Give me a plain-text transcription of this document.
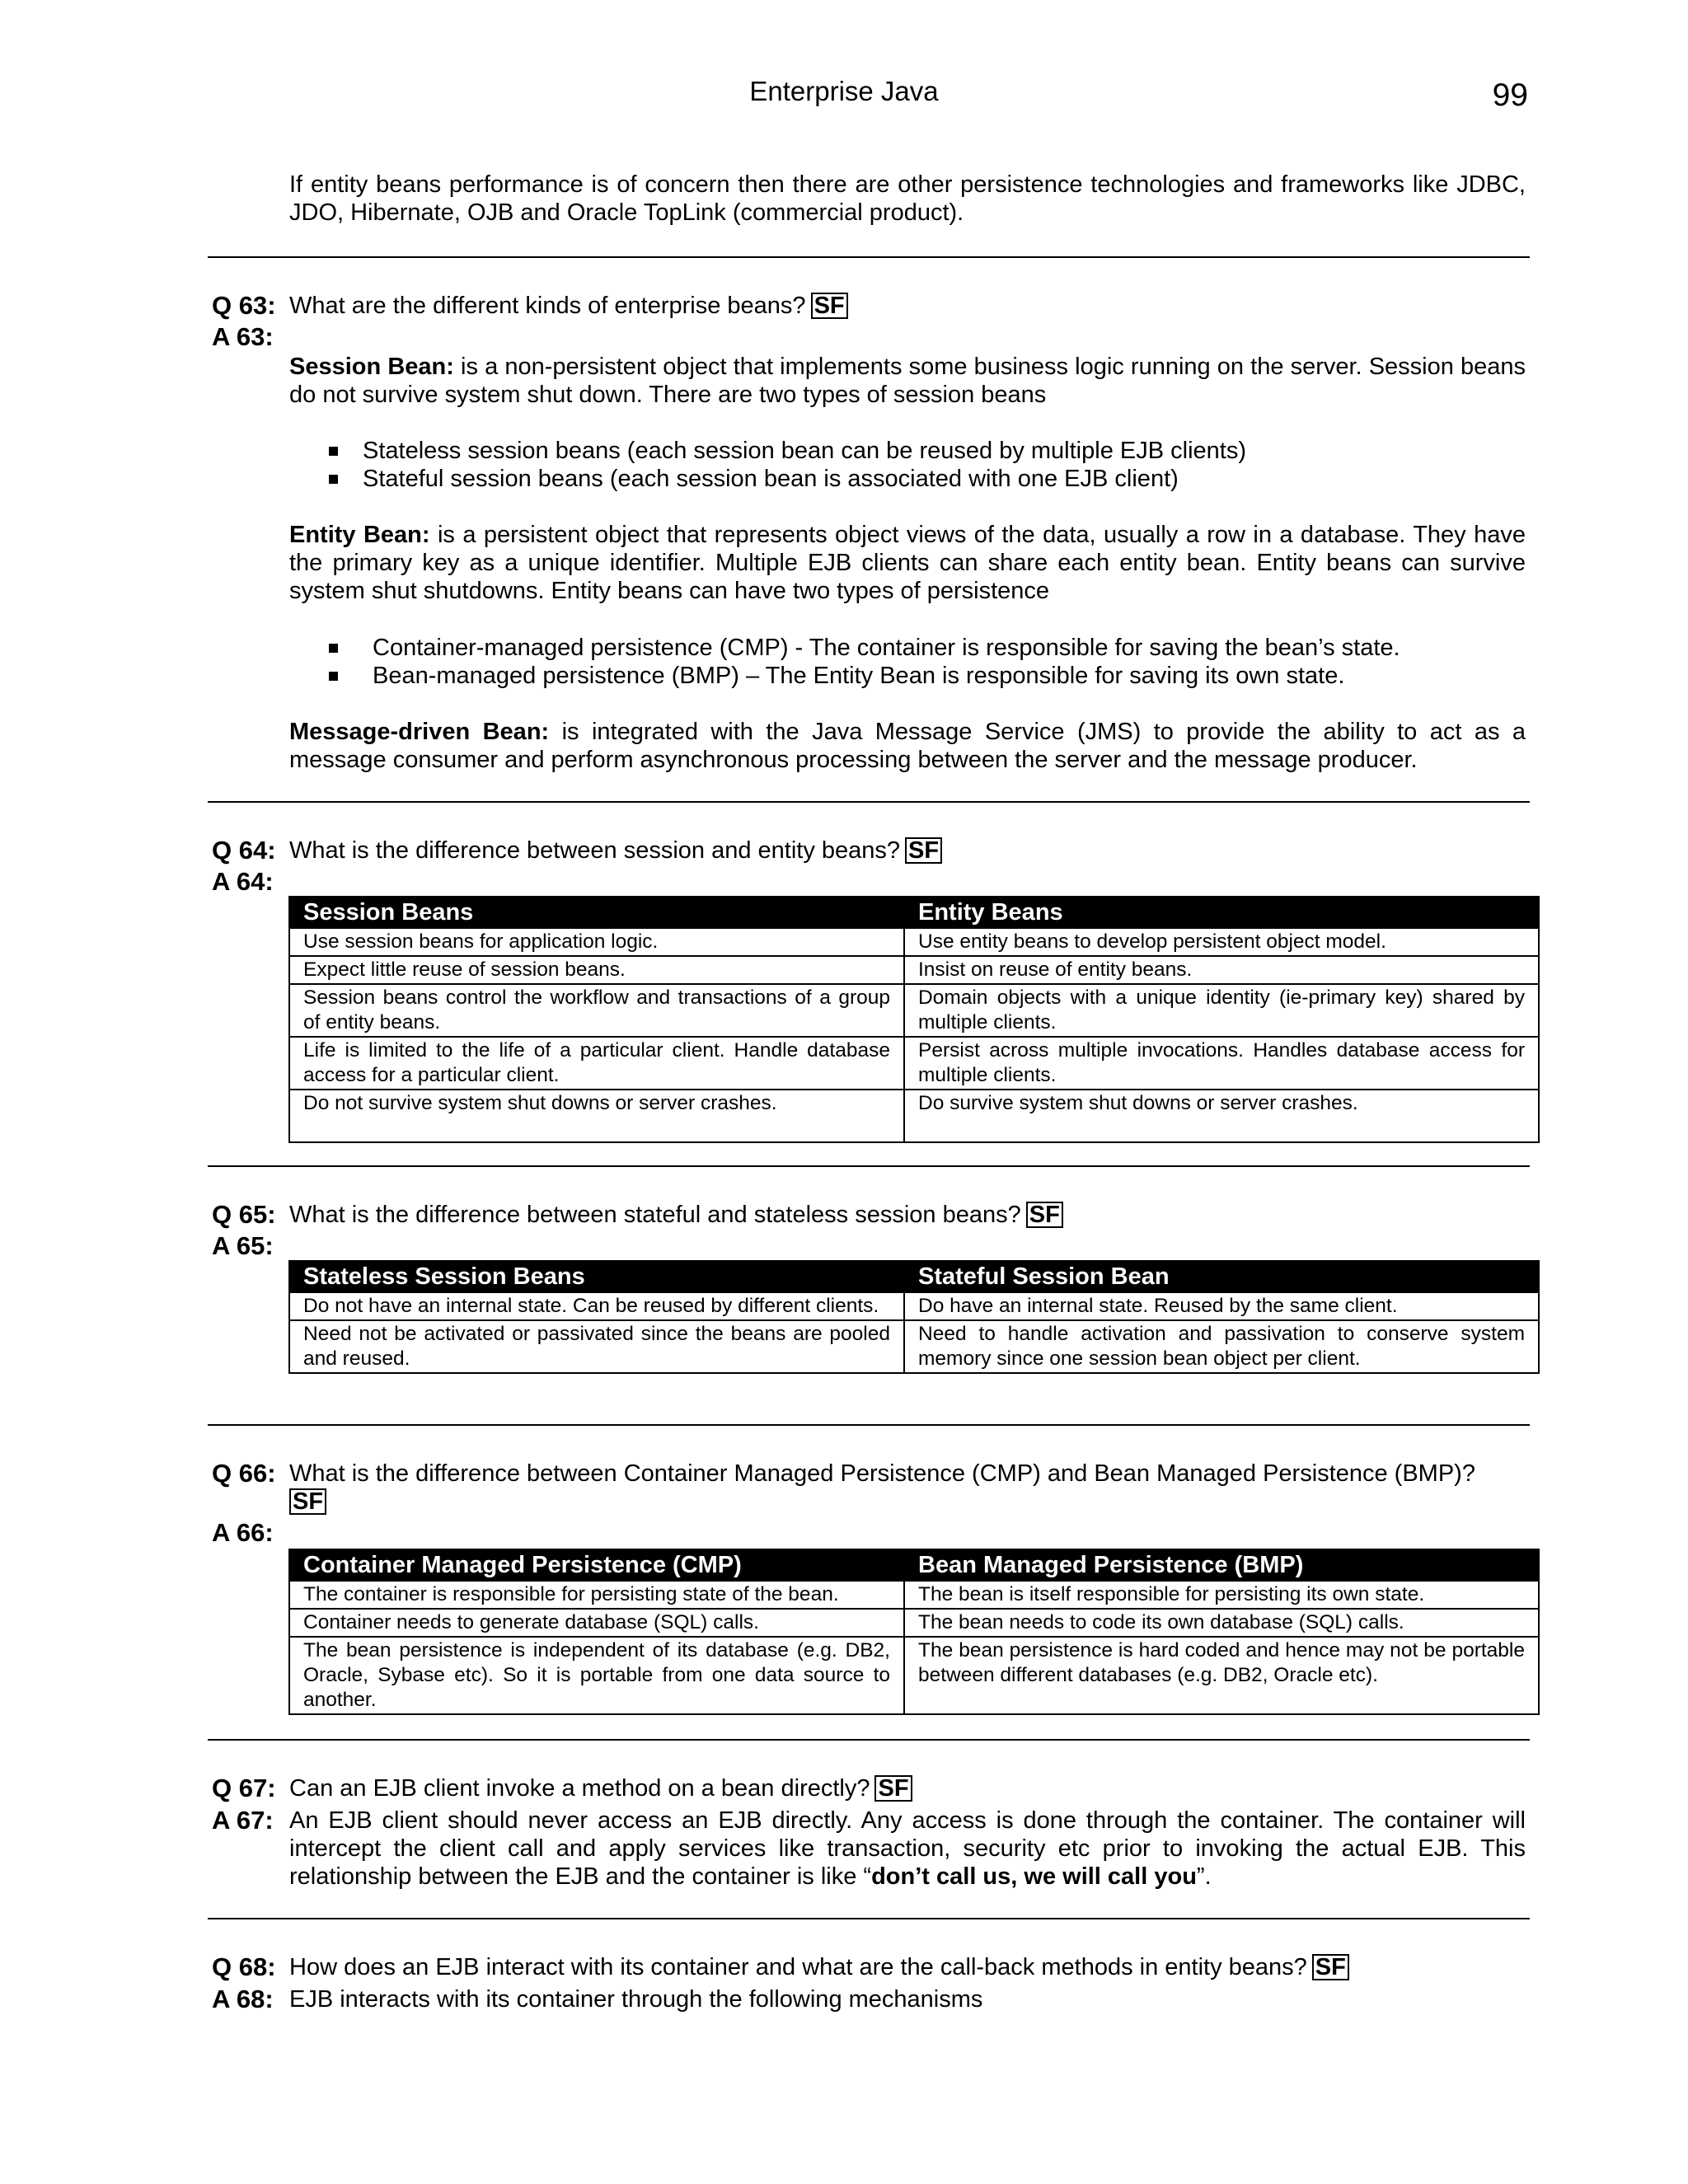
Enterprise Java	99
If entity beans performance is of concern then there are other persistence technologies and frameworks like JDBC, JDO, Hibernate, OJB and Oracle TopLink (commercial product).
Q 63: What are the different kinds of enterprise beans? SF
A 63:
Session Bean: is a non-persistent object that implements some business logic running on the server. Session beans do not survive system shut down. There are two types of session beans
Stateless session beans (each session bean can be reused by multiple EJB clients)
Stateful session beans (each session bean is associated with one EJB client)
Entity Bean: is a persistent object that represents object views of the data, usually a row in a database. They have the primary key as a unique identifier. Multiple EJB clients can share each entity bean. Entity beans can survive system shut shutdowns. Entity beans can have two types of persistence
Container-managed persistence (CMP) - The container is responsible for saving the bean’s state.
Bean-managed persistence (BMP) – The Entity Bean is responsible for saving its own state.
Message-driven Bean: is integrated with the Java Message Service (JMS) to provide the ability to act as a message consumer and perform asynchronous processing between the server and the message producer.
Q 64: What is the difference between session and entity beans? SF
A 64:
Session Beans	Entity Beans
Use session beans for application logic.	Use entity beans to develop persistent object model.
Expect little reuse of session beans.	Insist on reuse of entity beans.
Session beans control the workflow and transactions of a group of entity beans.	Domain objects with a unique identity (ie-primary key) shared by multiple clients.
Life is limited to the life of a particular client. Handle database access for a particular client.	Persist across multiple invocations. Handles database access for multiple clients.
Do not survive system shut downs or server crashes.	Do survive system shut downs or server crashes.
Q 65: What is the difference between stateful and stateless session beans? SF
A 65:
Stateless Session Beans	Stateful Session Bean
Do not have an internal state. Can be reused by different clients.	Do have an internal state. Reused by the same client.
Need not be activated or passivated since the beans are pooled and reused.	Need to handle activation and passivation to conserve system memory since one session bean object per client.
Q 66: What is the difference between Container Managed Persistence (CMP) and Bean Managed Persistence (BMP)?
SF
A 66:
Container Managed Persistence (CMP)	Bean Managed Persistence (BMP)
The container is responsible for persisting state of the bean.	The bean is itself responsible for persisting its own state.
Container needs to generate database (SQL) calls.	The bean needs to code its own database (SQL) calls.
The bean persistence is independent of its database (e.g. DB2, Oracle, Sybase etc). So it is portable from one data source to another.	The bean persistence is hard coded and hence may not be portable between different databases (e.g. DB2, Oracle etc).
Q 67: Can an EJB client invoke a method on a bean directly? SF
A 67: An EJB client should never access an EJB directly. Any access is done through the container. The container will intercept the client call and apply services like transaction, security etc prior to invoking the actual EJB. This relationship between the EJB and the container is like “don’t call us, we will call you”.
Q 68: How does an EJB interact with its container and what are the call-back methods in entity beans? SF
A 68: EJB interacts with its container through the following mechanisms
